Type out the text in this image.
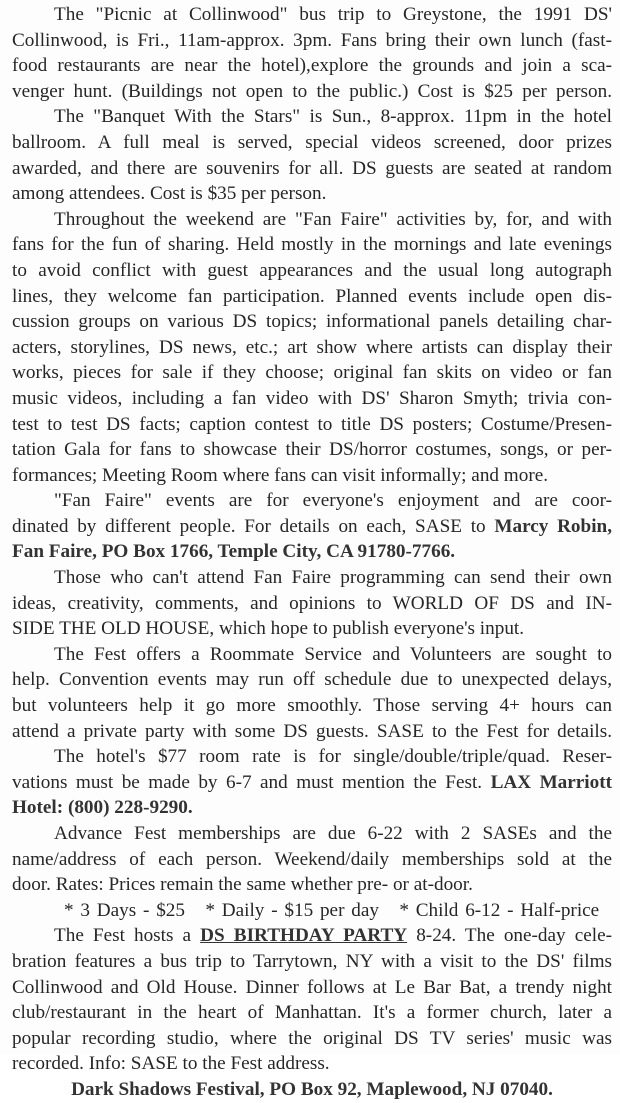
The "Picnic at Collinwood" bus trip to Greystone, the 1991 DS'
Collinwood, is Fri., 11am-approx. 3pm. Fans bring their own lunch (fast-
food restaurants are near the hotel),explore the grounds and join a sca-
venger hunt. (Buildings not open to the public.) Cost is $25 per person.
The "Banquet With the Stars" is Sun., 8-approx. 11pm in the hotel
ballroom. A full meal is served, special videos screened, door prizes
awarded, and there are souvenirs for all. DS guests are seated at random
among attendees. Cost is $35 per person.
Throughout the weekend are "Fan Faire" activities by, for, and with
fans for the fun of sharing. Held mostly in the mornings and late evenings
to avoid conflict with guest appearances and the usual long autograph
lines, they welcome fan participation. Planned events include open dis-
cussion groups on various DS topics; informational panels detailing char-
acters, storylines, DS news, etc.; art show where artists can display their
works, pieces for sale if they choose; original fan skits on video or fan
music videos, including a fan video with DS' Sharon Smyth; trivia con-
test to test DS facts; caption contest to title DS posters; Costume/Presen-
tation Gala for fans to showcase their DS/horror costumes, songs, or per-
formances; Meeting Room where fans can visit informally; and more.
"Fan Faire" events are for everyone's enjoyment and are coor-
dinated by different people. For details on each, SASE to Marcy Robin,
Fan Faire, PO Box 1766, Temple City, CA 91780-7766.
Those who can't attend Fan Faire programming can send their own
ideas, creativity, comments, and opinions to WORLD OF DS and IN-
SIDE THE OLD HOUSE, which hope to publish everyone's input.
The Fest offers a Roommate Service and Volunteers are sought to
help. Convention events may run off schedule due to unexpected delays,
but volunteers help it go more smoothly. Those serving 4+ hours can
attend a private party with some DS guests. SASE to the Fest for details.
The hotel's $77 room rate is for single/double/triple/quad. Reser-
vations must be made by 6-7 and must mention the Fest. LAX Marriott
Hotel: (800) 228-9290.
Advance Fest memberships are due 6-22 with 2 SASEs and the
name/address of each person. Weekend/daily memberships sold at the
door. Rates: Prices remain the same whether pre- or at-door.
* 3 Days - $25 * Daily - $15 per day * Child 6-12 - Half-price
The Fest hosts a DS BIRTHDAY PARTY 8-24. The one-day cele-
bration features a bus trip to Tarrytown, NY with a visit to the DS' films
Collinwood and Old House. Dinner follows at Le Bar Bat, a trendy night
club/restaurant in the heart of Manhattan. It's a former church, later a
popular recording studio, where the original DS TV series' music was
recorded. Info: SASE to the Fest address.
Dark Shadows Festival, PO Box 92, Maplewood, NJ 07040.
